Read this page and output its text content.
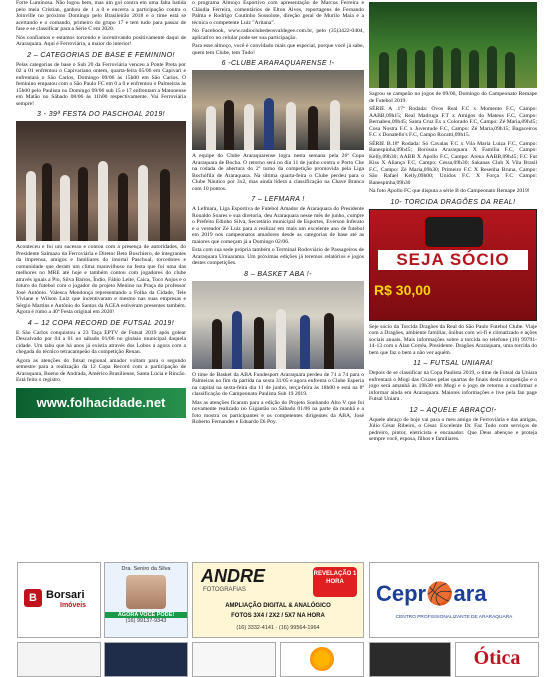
Forte Luminosa. Não logou bem, mas um gol contra em uma falta batida pelo meia Cristian, ganhou de 1 a 0 e encerra a participação contra o Joinville no próximo Domingo pelo Brasileirão 2018 e o time está se acertando e o comando, primeiro do grupo 17 e tem tudo para passar de fase e se classificar para a Série C em 2020.

Nós confiamos e estamos torcendo e incentivando positivamente daqui de Araraquara. Aqui é Ferroviária, a maior do interior!

2 – CATEGORIAS DE BASE E FEMININO!

Pelas categorias de base o Sub 20 da Ferroviária venceu a Ponte Preta por 02 a 01 enfrentou o Capivariano ontem, quarta-feira 05/06 em Capivari e enfrentará o São Carlos, Domingo 09/06 às 15h00 em São Carlos. O feminino empatou com o São Paulo FC em 0 a 0 e enfrentou o Palmeiras às 15h00 pelo Paulista no Domingo 09/06 sub 15 e 17 enfrentam a Matonense em Matão no Sábado 08/06 às 11h00 respectivamente. Vai Ferroviária sempre!

3 - 39ª FESTA DO PASCHOAL 2019!

Aconteceu e foi um sucesso e contou com a presença de autoridades, do Presidente Salmazo da Ferroviária e Diretor Beto Boschiero, de integrantes da imprensa, amigos e familiares do imortal Paschoal, torcedores e comunidade que deram um clima maravilhoso na festa que foi uma das melhores no MRE até hoje e também contou com jogadores do clube através iguais a Pio, Silva Barros, Índio, Fábio Leite, Caíca, Toco Anjos e o futuro do futebol com o jogador do projeto Menino na Praça do professor José Antônio. Valesca Mendonça representando a Folha da Cidade, Tele Viviane e Wilson Luiz que incentivaram e mesmo nas suas empresas e Sérgio Martins e Antônio do Santos da ACEA estiveram presentes também. Agora é rumo a 40ª Festa original em 2020!

4 – 12 COPA RECORD DE FUTSAL 2019!

E São Carlos conquistou a 23 Taça EPTV de Futsal 2019 após golear Descalvado por 04 a 01 no sábado 01/06 no ginásio municipal daquela cidade. Um tabu que há anos já existia através dos Lobos a agora com a chegada do técnico tetracampeão da competição Renan.

Agora as atenções do futsal regional amador voltam para o segundo semestre para a realização da 12 Copa Record com a participação de Araraquara, Bueno de Andrada, Américo Brasiliense, Santa Lúcia e Rincão. Está feito o registro.

www.folhacidade.net

o programa Almoço Esportivo com apresentação de Marcos Ferreira e Cláudia Ferreira, comentários de Elton Alves, reportagens de Fernando Palma e Rodrigo Coutinho Sossolote, direção geral de Murilo Maia e a técnica o competente Luiz "Aritana".

No Facebook, www.radioclubedeosvaldegee.com.br, pelo (35)3422-0404, aplicativo no celular pode ser sua participação.

Para esse almoço, você é convidado mais que especial, porque você já sabe, quem tem Clube, tem Tudo!

6 -CLUBE ARARAQUARENSE !-

A equipe do Clube Araraquarense logra nesta semana pela 26ª Copa Araraquara de Bocha. O retorno será no dia 11 de junho contra o Porto Che na rodada de abertura do 2º turno da competição promovida pela Liga Bochófila de Araraquara. Na última quarta-feira o Clube perdeu para o Clube Náutico por 3x2, mas ainda lidera a classificação na Chave Branca com 10 pontos.

7 – LEFMARA !

A Lefmara, Liga Esportiva de Futebol Amador de Araraquara do Presidente Ronaldo Soares e sua diretoria, deu Araraquara nesse mês de junho, cumpre o Prefeito Edinho Silva, Secretário municipal de Esportes, Everson Inferato e o vereador Zé Luiz para a realizar em mais um excelente ano de futebol em 2019 nos campeonatos amadores desde as categorias de base até as maiores que começam já a Domingo 02/06.

Esta com sua sede própria também o Terminal Rodoviário de Passageiros de Araraquara Umuarama. Um próximas edições já teremos relatórios e jogos destes competições.

8 – BASKET ABA !-

O time de Basket da ABA Fundesport Araraquara perdeu de 71 a 74 para o Palmeiras no fim da partida na sexta 31/05 e agora enfrenta o Clube Esperia na capital na sexta-feira dia 11 de junho, terça-feira às 18h00 e está na 8ª classificação do Campeonato Paulista Sub 19 2019.

Mas as atenções ficaram para a edição do Projeto Sonhando Alto V que foi novamente realizado no Gigantão no Sábado 01/06 na parte da manhã e a foto mostra os participantes e os competentes dirigentes da ABA, José Roberto Fernandes e Eduardo Di Poy.

Sagrou se campeão no jogos de 09/06, Domingo do Campeonato Remape de Futebol 2019.

SÉRIE A .17ª Rodada: Ovos Real F.C x Momento F.C, Campo: AABB,09h15; Real Madruga F.T x Amigos do Mateus F.C, Campo: Bernabeu,09h45; Santa Cruz Ex x Colorado F.C, Campo: Zé Maria,09h45; Cosa Nostra F.C x Juventude F.C, Campo: Zé Maria,09h15; Bagaceiros F.C x Donatello's F.C, Campo Rocatti,09h15.

SÉRIE B.18ª Rodada: Só Cavalas F.C x Vila Maria Luiza F.C, Campo: Banespinha,09h45; Borússia Araraquara X Família F.C, Campo: Kelly,09h30; AABB X Apollo F.C, Campo: Arena AABB,09h45; F.C Fut Kiss X Aliança F.C, Campo: Cessa,09h30; Sakanas Club X Vila Brasil F.C, Campo: Zé Maria,09h30; Primeiro F.C X Resenha Bruna, Campo: São Rafael Kelly,09h00; Unidos F.C X Força F.C Campo: Banespinha,09h30

Na foto Apollo FC que disputa a série B do Campeonato Remape 2019!

10- TORCIDA DRAGÕES DA REAL!
SEJA SÓCIO
R$ 30,00

Seje sócio da Torcida Dragões da Real do São Paulo Futebol Clube. Viaje com a Dragões, ambiente familiar, ônibus com wi-fi e climatizado e ações sociais anuais. Mais informações sobre a torcida no telefone (16) 99791-14-13 com o Alan Corrêa, Presidente. Dragões Araraquara, uma torcida do bem que faz o bem a não ver aquém.

11 – FUTSAL UNIARA!

Depois de se classificar na Copa Paulista 2019, o time de Futsal da Uniara enfrentará o Mogi das Cruzes pelas quartas de finais desta competição e o jogo será amanhã às 19h30 em Mogi e o jogo de retorno a confirmar e informar ainda em Araraquara. Maiores informações e live pela fan page Futsal Uniara .

12 – AQUELE ABRAÇO!-

Aquele abraço de hoje vai para o meu amigo de Ferroviária e das antigas, Júlio César Ribeiro, o César. Excelente Dr. Faz Tudo com serviços de pedreiro, pintor, eletricista e encanador. Que Deus abençoe e proteja sempre você, esposa, filhos e familiares.

B Borsari
Imóveis
Dra. Seniro da Silva
AGORA VOCÊ PODE!
(16) 99137-9343
ANDRE
FOTOGRAFIAS
REVELAÇÃO 1 HORA
AMPLIAÇÃO DIGITAL & ANALÓGICO
FOTOS 3X4 / 2X2 / 5X7 NA HORA
(16) 3332-4141 · (16) 99564-1964
Cepr🏀ara
CENTRO PROFISSIONALIZANTE DE ARARAQUARA
Ótica
